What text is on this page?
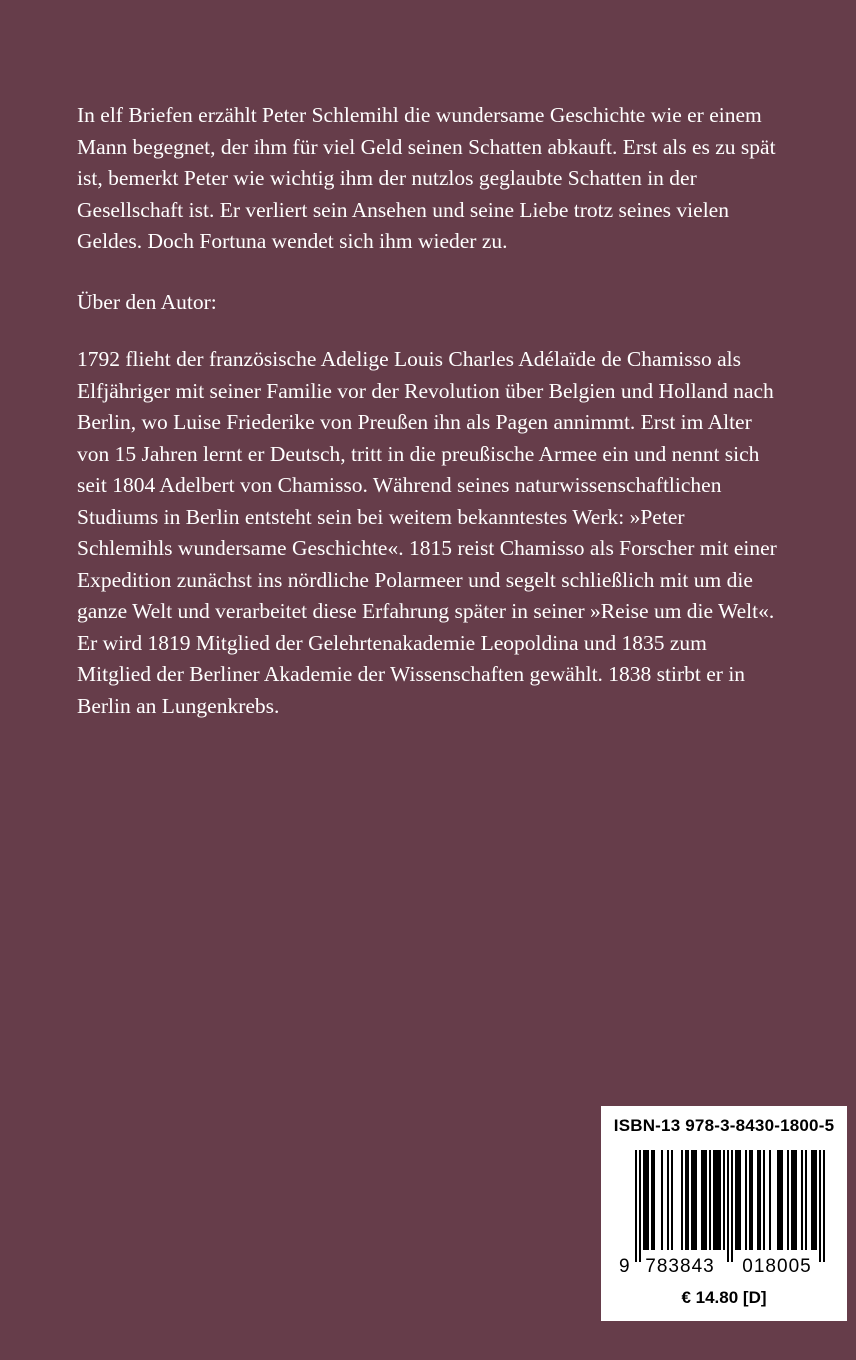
In elf Briefen erzählt Peter Schlemihl die wundersame Geschichte wie er einem
Mann begegnet, der ihm für viel Geld seinen Schatten abkauft. Erst als es zu spät
ist, bemerkt Peter wie wichtig ihm der nutzlos geglaubte Schatten in der
Gesellschaft ist. Er verliert sein Ansehen und seine Liebe trotz seines vielen
Geldes. Doch Fortuna wendet sich ihm wieder zu.
Über den Autor:
1792 flieht der französische Adelige Louis Charles Adélaïde de Chamisso als
Elfjähriger mit seiner Familie vor der Revolution über Belgien und Holland nach
Berlin, wo Luise Friederike von Preußen ihn als Pagen annimmt. Erst im Alter
von 15 Jahren lernt er Deutsch, tritt in die preußische Armee ein und nennt sich
seit 1804 Adelbert von Chamisso. Während seines naturwissenschaftlichen
Studiums in Berlin entsteht sein bei weitem bekanntestes Werk: »Peter
Schlemihls wundersame Geschichte«. 1815 reist Chamisso als Forscher mit einer
Expedition zunächst ins nördliche Polarmeer und segelt schließlich mit um die
ganze Welt und verarbeitet diese Erfahrung später in seiner »Reise um die Welt«.
Er wird 1819 Mitglied der Gelehrtenakademie Leopoldina und 1835 zum
Mitglied der Berliner Akademie der Wissenschaften gewählt. 1838 stirbt er in
Berlin an Lungenkrebs.
ISBN-13 978-3-8430-1800-5
9 783843 018005
€ 14.80 [D]
